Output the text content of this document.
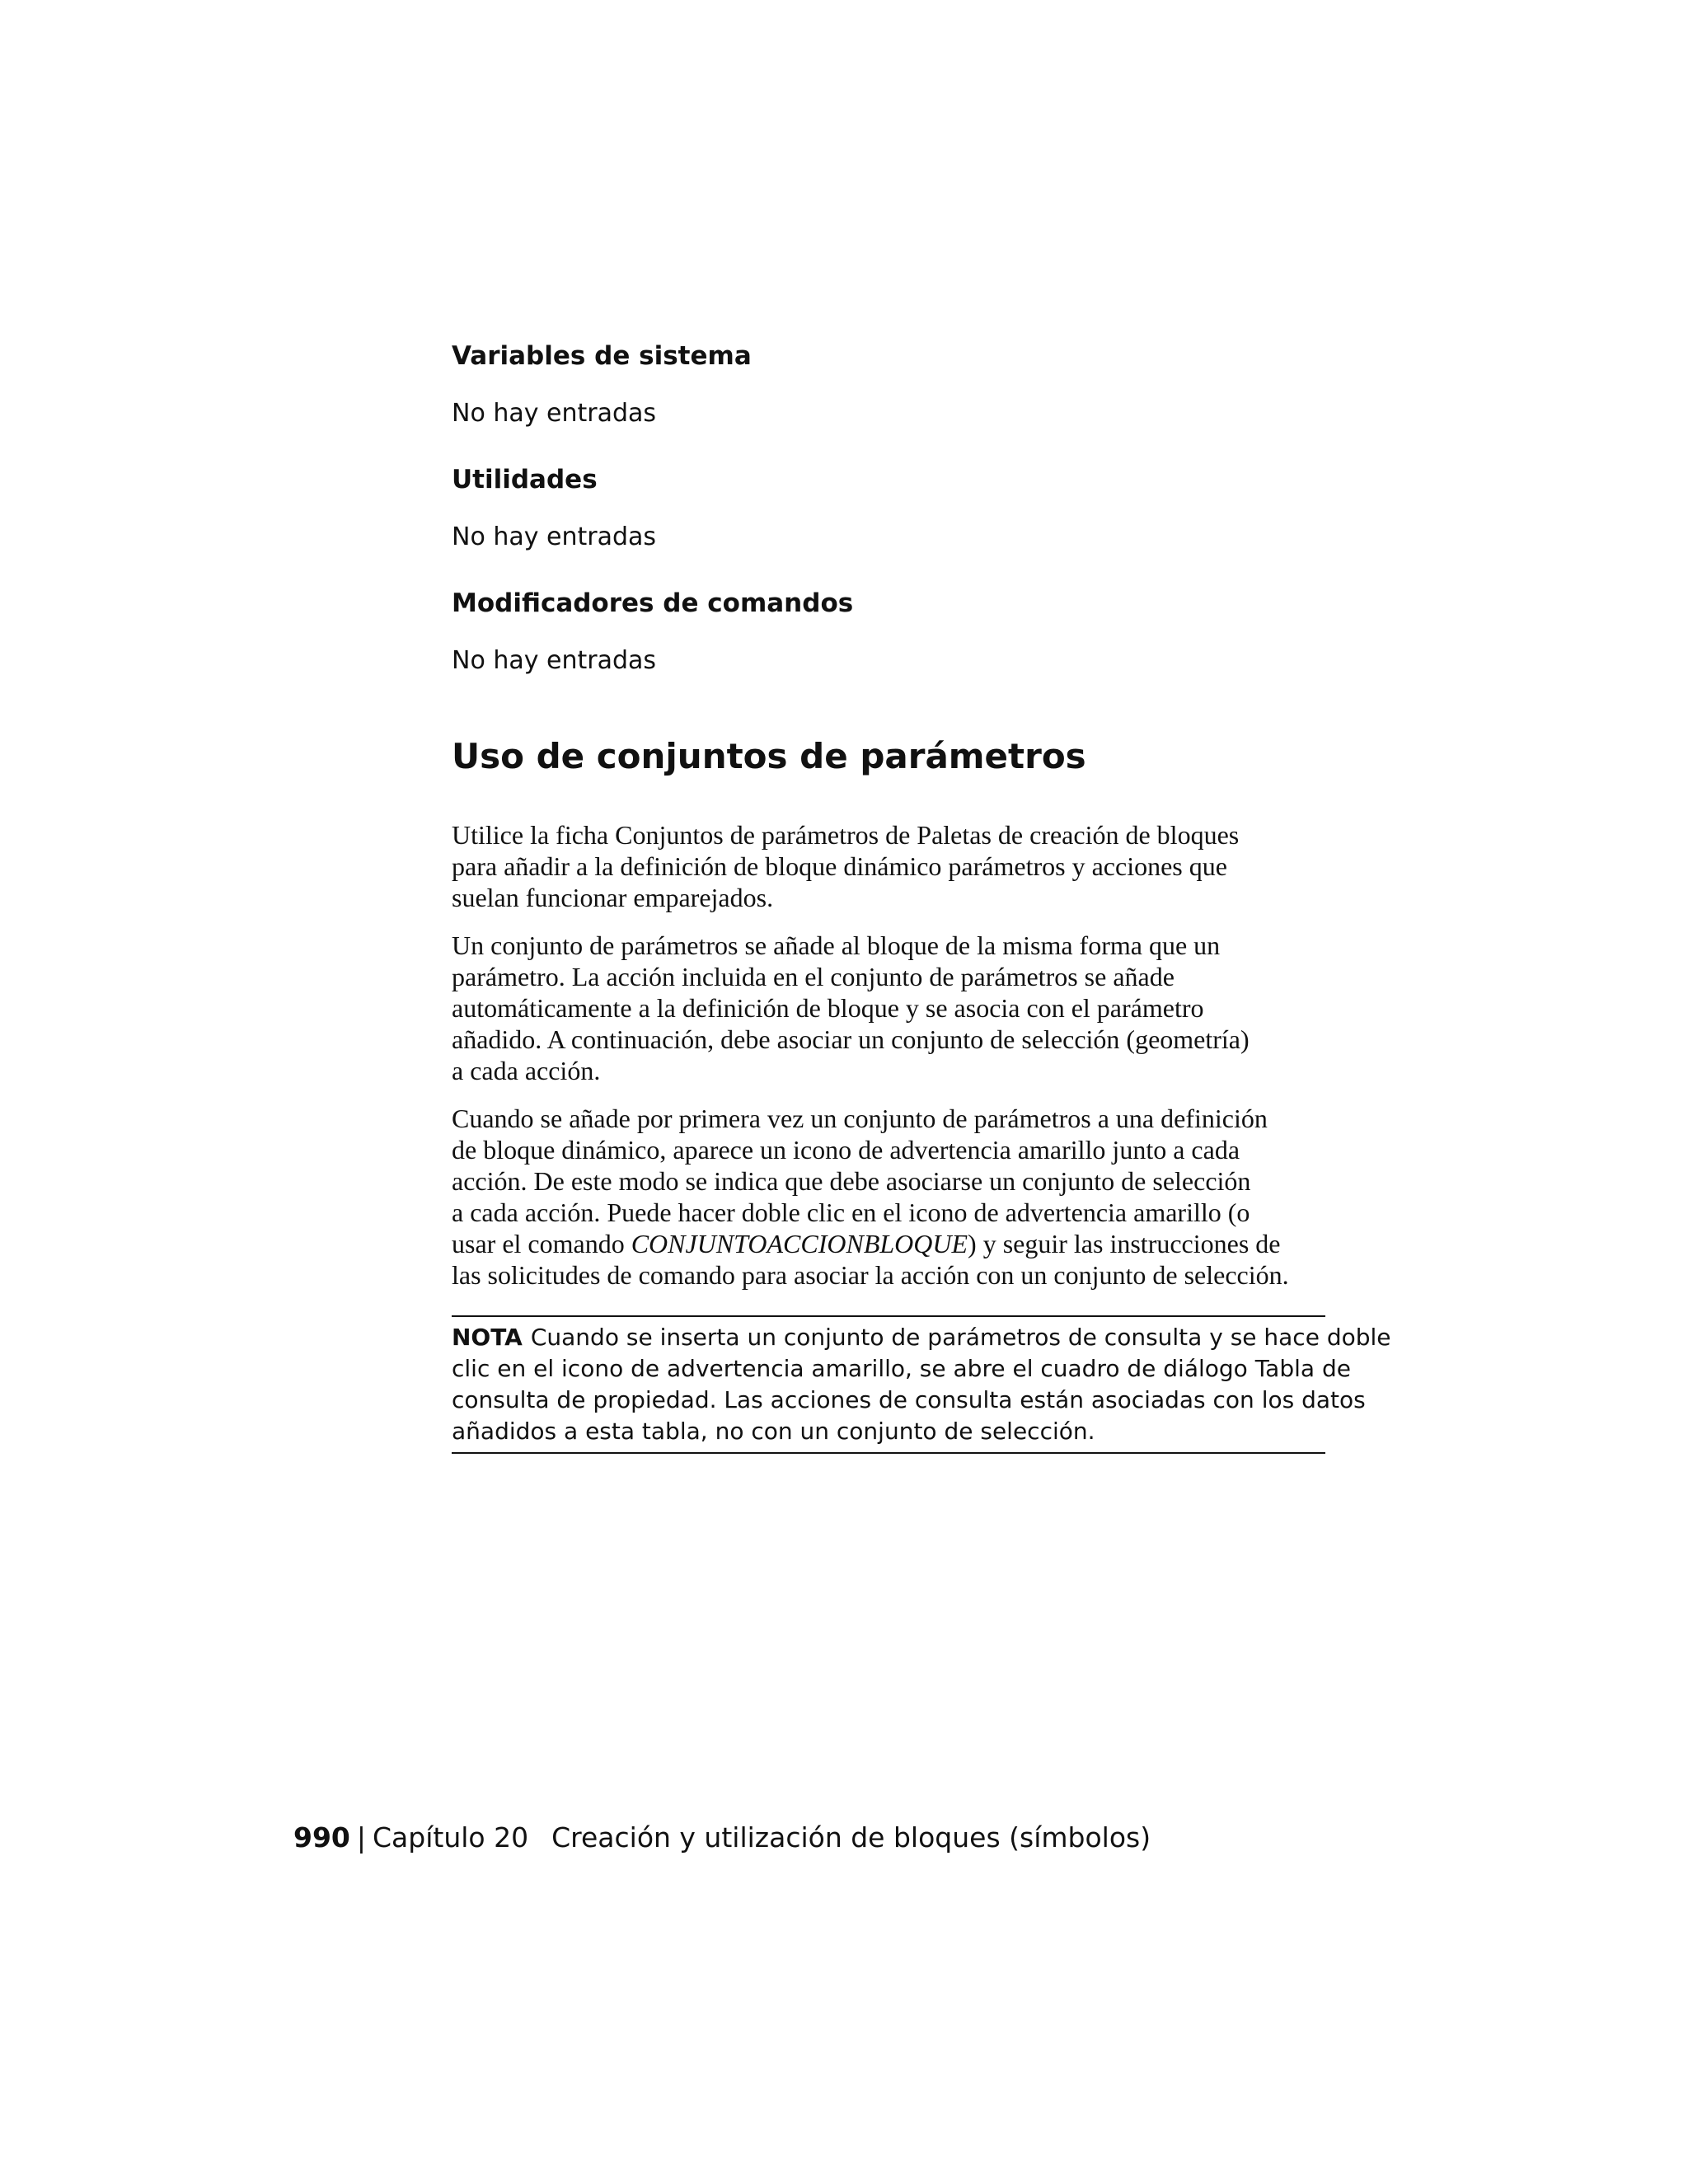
Variables de sistema

No hay entradas

Utilidades

No hay entradas

Modificadores de comandos

No hay entradas

Uso de conjuntos de parámetros
Utilice la ficha Conjuntos de parámetros de Paletas de creación de bloques
para añadir a la definición de bloque dinámico parámetros y acciones que
suelan funcionar emparejados.
Un conjunto de parámetros se añade al bloque de la misma forma que un
parámetro. La acción incluida en el conjunto de parámetros se añade
automáticamente a la definición de bloque y se asocia con el parámetro
añadido. A continuación, debe asociar un conjunto de selección (geometría)
a cada acción.
Cuando se añade por primera vez un conjunto de parámetros a una definición
de bloque dinámico, aparece un icono de advertencia amarillo junto a cada
acción. De este modo se indica que debe asociarse un conjunto de selección
a cada acción. Puede hacer doble clic en el icono de advertencia amarillo (o
usar el comando CONJUNTOACCIONBLOQUE) y seguir las instrucciones de
las solicitudes de comando para asociar la acción con un conjunto de selección.
NOTA Cuando se inserta un conjunto de parámetros de consulta y se hace doble
clic en el icono de advertencia amarillo, se abre el cuadro de diálogo Tabla de
consulta de propiedad. Las acciones de consulta están asociadas con los datos
añadidos a esta tabla, no con un conjunto de selección.
990 | Capítulo 20 Creación y utilización de bloques (símbolos)
